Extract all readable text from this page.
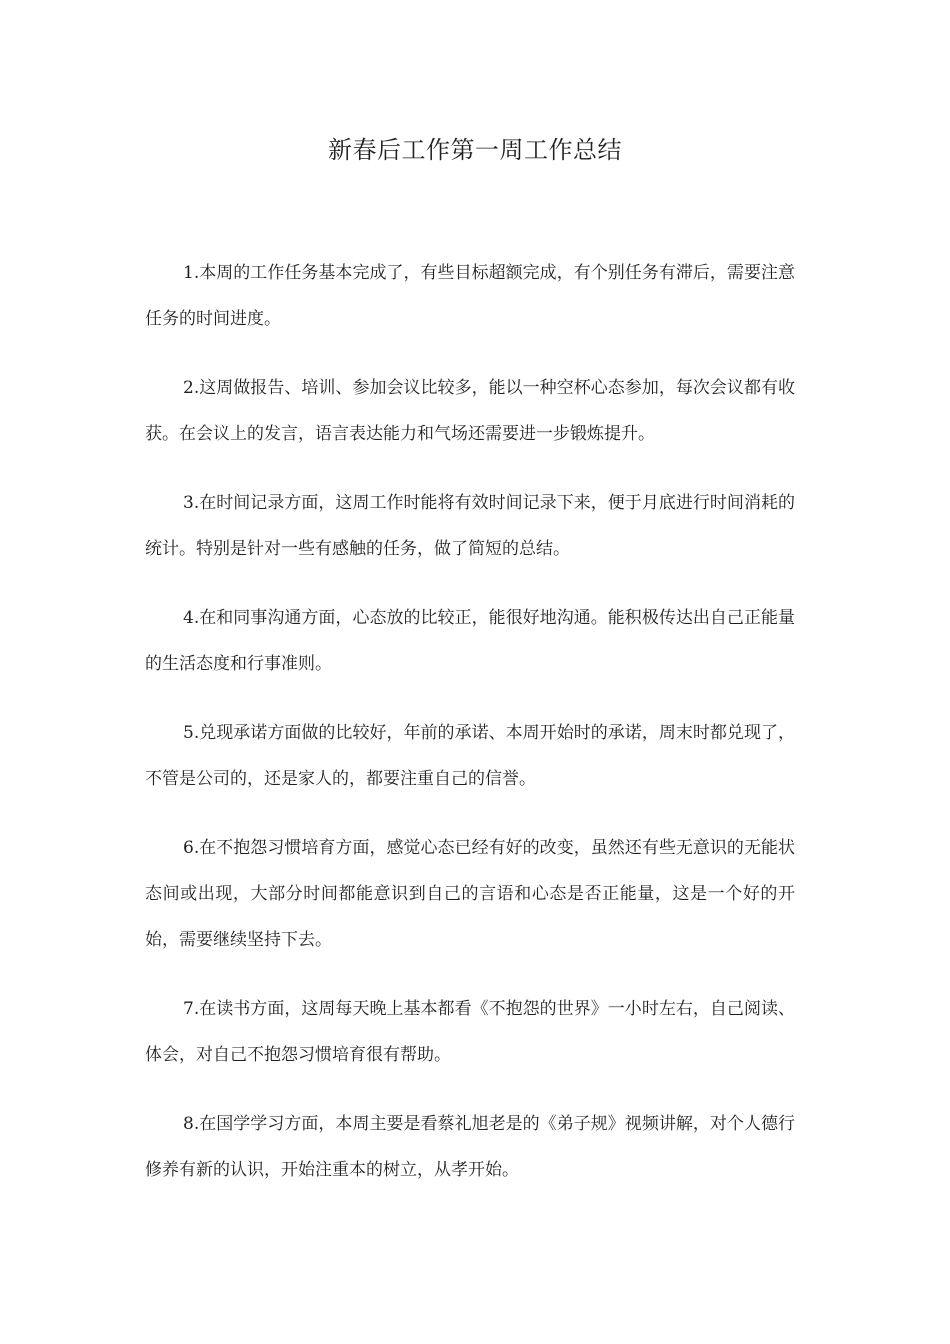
新春后工作第一周工作总结

1.本周的工作任务基本完成了，有些目标超额完成，有个别任务有滞后，需要注意任务的时间进度。

2.这周做报告、培训、参加会议比较多，能以一种空杯心态参加，每次会议都有收获。在会议上的发言，语言表达能力和气场还需要进一步锻炼提升。

3.在时间记录方面，这周工作时能将有效时间记录下来，便于月底进行时间消耗的统计。特别是针对一些有感触的任务，做了简短的总结。

4.在和同事沟通方面，心态放的比较正，能很好地沟通。能积极传达出自己正能量的生活态度和行事准则。

5.兑现承诺方面做的比较好，年前的承诺、本周开始时的承诺，周末时都兑现了，不管是公司的，还是家人的，都要注重自己的信誉。

6.在不抱怨习惯培育方面，感觉心态已经有好的改变，虽然还有些无意识的无能状态间或出现，大部分时间都能意识到自己的言语和心态是否正能量，这是一个好的开始，需要继续坚持下去。

7.在读书方面，这周每天晚上基本都看《不抱怨的世界》一小时左右，自己阅读、体会，对自己不抱怨习惯培育很有帮助。

8.在国学学习方面，本周主要是看蔡礼旭老是的《弟子规》视频讲解，对个人德行修养有新的认识，开始注重本的树立，从孝开始。
